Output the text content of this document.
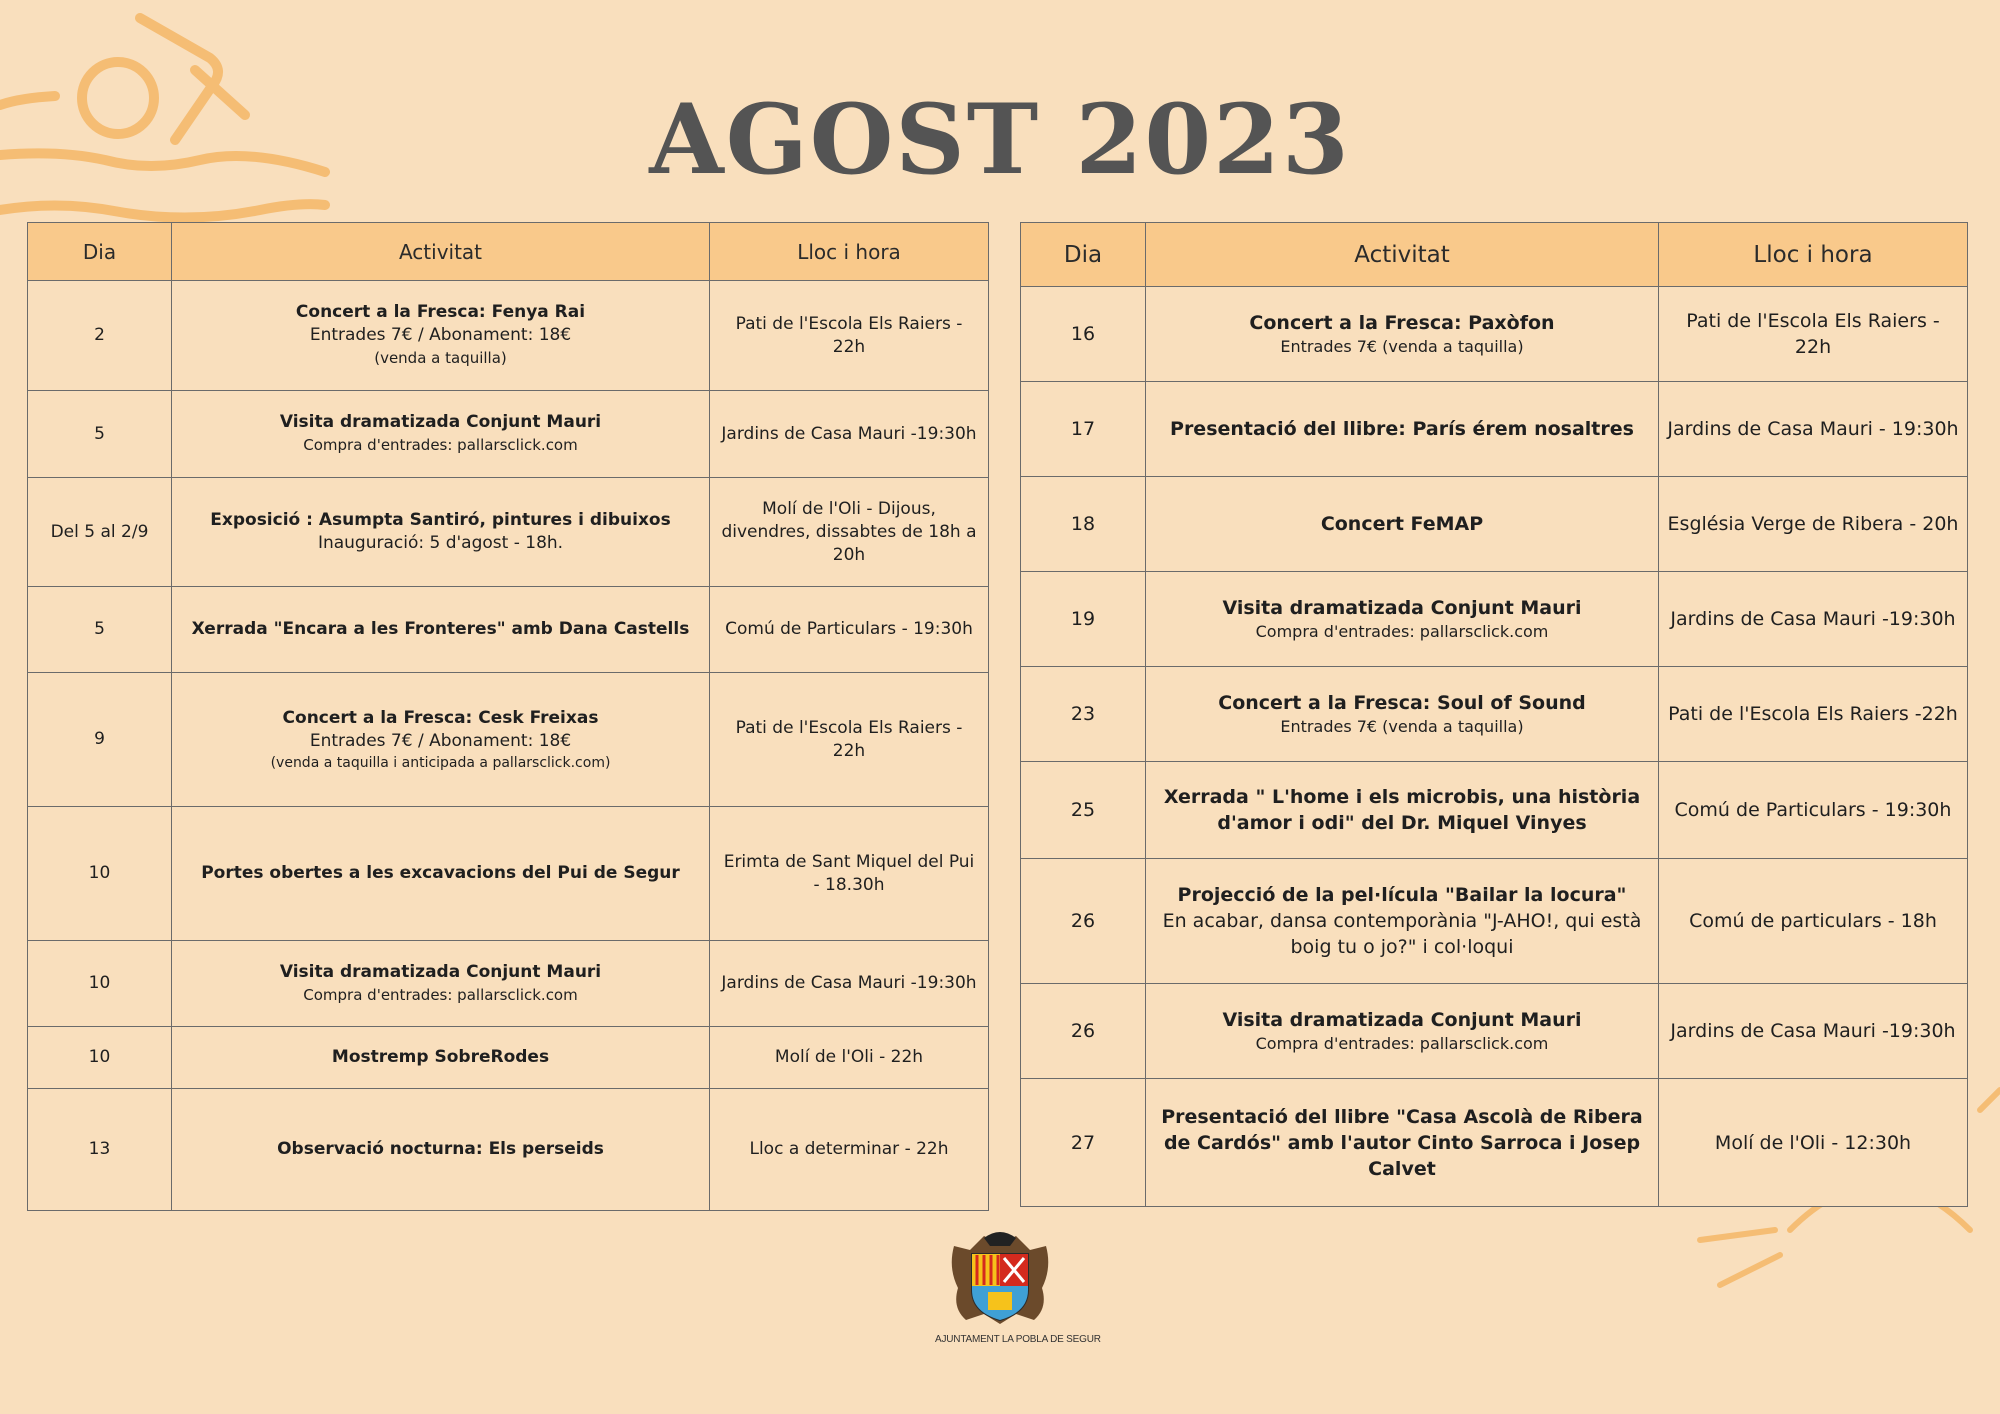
AGOST 2023
Dia	Activitat	Lloc i hora
2	Concert a la Fresca: Fenya Rai
Entrades 7€ / Abonament: 18€
(venda a taquilla)	Pati de l'Escola Els Raiers - 22h
5	Visita dramatizada Conjunt Mauri
Compra d'entrades: pallarsclick.com	Jardins de Casa Mauri -19:30h
Del 5 al 2/9	Exposició : Asumpta Santiró, pintures i dibuixos
Inauguració: 5 d'agost - 18h.	Molí de l'Oli - Dijous, divendres, dissabtes de 18h a 20h
5	Xerrada "Encara a les Fronteres" amb Dana Castells	Comú de Particulars - 19:30h
9	Concert a la Fresca: Cesk Freixas
Entrades 7€ / Abonament: 18€
(venda a taquilla i anticipada a pallarsclick.com)	Pati de l'Escola Els Raiers - 22h
10	Portes obertes a les excavacions del Pui de Segur	Erimta de Sant Miquel del Pui - 18.30h
10	Visita dramatizada Conjunt Mauri
Compra d'entrades: pallarsclick.com	Jardins de Casa Mauri -19:30h
10	Mostremp SobreRodes	Molí de l'Oli - 22h
13	Observació nocturna: Els perseids	Lloc a determinar - 22h
Dia	Activitat	Lloc i hora
16	Concert a la Fresca: Paxòfon
Entrades 7€ (venda a taquilla)	Pati de l'Escola Els Raiers - 22h
17	Presentació del llibre: París érem nosaltres	Jardins de Casa Mauri - 19:30h
18	Concert FeMAP	Església Verge de Ribera - 20h
19	Visita dramatizada Conjunt Mauri
Compra d'entrades: pallarsclick.com	Jardins de Casa Mauri -19:30h
23	Concert a la Fresca: Soul of Sound
Entrades 7€ (venda a taquilla)	Pati de l'Escola Els Raiers -22h
25	Xerrada " L'home i els microbis, una història d'amor i odi" del Dr. Miquel Vinyes	Comú de Particulars - 19:30h
26	Projecció de la pel·lícula "Bailar la locura"
En acabar, dansa contemporània "J-AHO!, qui està boig tu o jo?" i col·loqui	Comú de particulars - 18h
26	Visita dramatizada Conjunt Mauri
Compra d'entrades: pallarsclick.com	Jardins de Casa Mauri -19:30h
27	Presentació del llibre "Casa Ascolà de Ribera de Cardós" amb l'autor Cinto Sarroca i Josep Calvet	Molí de l'Oli - 12:30h
AJUNTAMENT LA POBLA DE SEGUR
